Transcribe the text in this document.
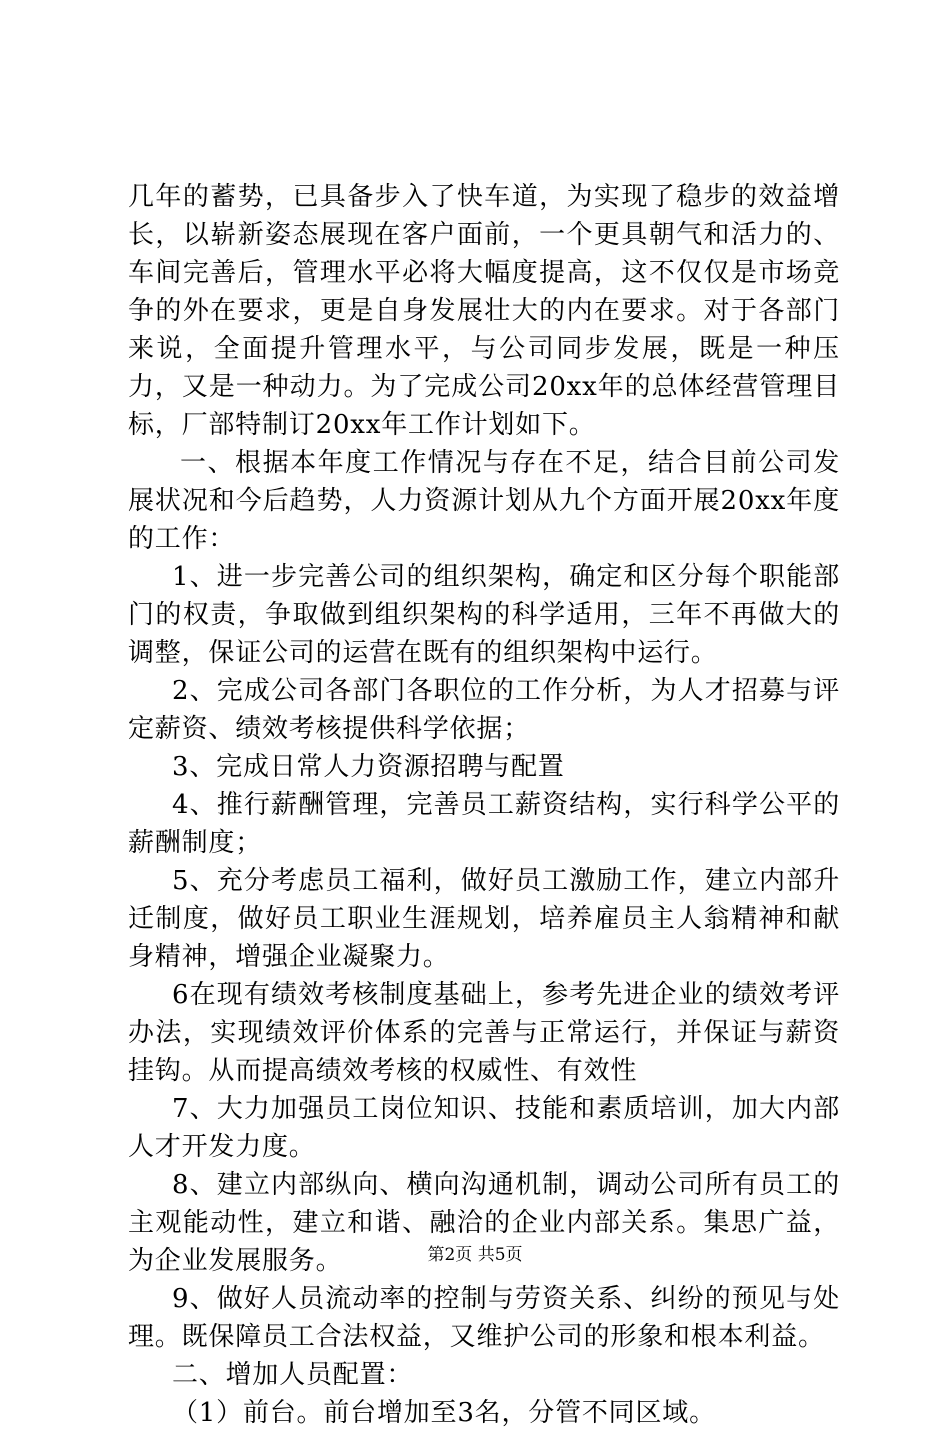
几年的蓄势，已具备步入了快车道，为实现了稳步的效益增长，以崭新姿态展现在客户面前，一个更具朝气和活力的、车间完善后，管理水平必将大幅度提高，这不仅仅是市场竞争的外在要求，更是自身发展壮大的内在要求。对于各部门来说，全面提升管理水平，与公司同步发展，既是一种压力，又是一种动力。为了完成公司20xx年的总体经营管理目标，厂部特制订20xx年工作计划如下。

一、根据本年度工作情况与存在不足，结合目前公司发展状况和今后趋势，人力资源计划从九个方面开展20xx年度的工作：

1、进一步完善公司的组织架构，确定和区分每个职能部门的权责，争取做到组织架构的科学适用，三年不再做大的调整，保证公司的运营在既有的组织架构中运行。

2、完成公司各部门各职位的工作分析，为人才招募与评定薪资、绩效考核提供科学依据；

3、完成日常人力资源招聘与配置

4、推行薪酬管理，完善员工薪资结构，实行科学公平的薪酬制度；

5、充分考虑员工福利，做好员工激励工作，建立内部升迁制度，做好员工职业生涯规划，培养雇员主人翁精神和献身精神，增强企业凝聚力。

6在现有绩效考核制度基础上，参考先进企业的绩效考评办法，实现绩效评价体系的完善与正常运行，并保证与薪资挂钩。从而提高绩效考核的权威性、有效性

7、大力加强员工岗位知识、技能和素质培训，加大内部人才开发力度。

8、建立内部纵向、横向沟通机制，调动公司所有员工的主观能动性，建立和谐、融洽的企业内部关系。集思广益，为企业发展服务。

9、做好人员流动率的控制与劳资关系、纠纷的预见与处理。既保障员工合法权益，又维护公司的形象和根本利益。

二、增加人员配置：

（1）前台。前台增加至3名，分管不同区域。

第2页 共5页
